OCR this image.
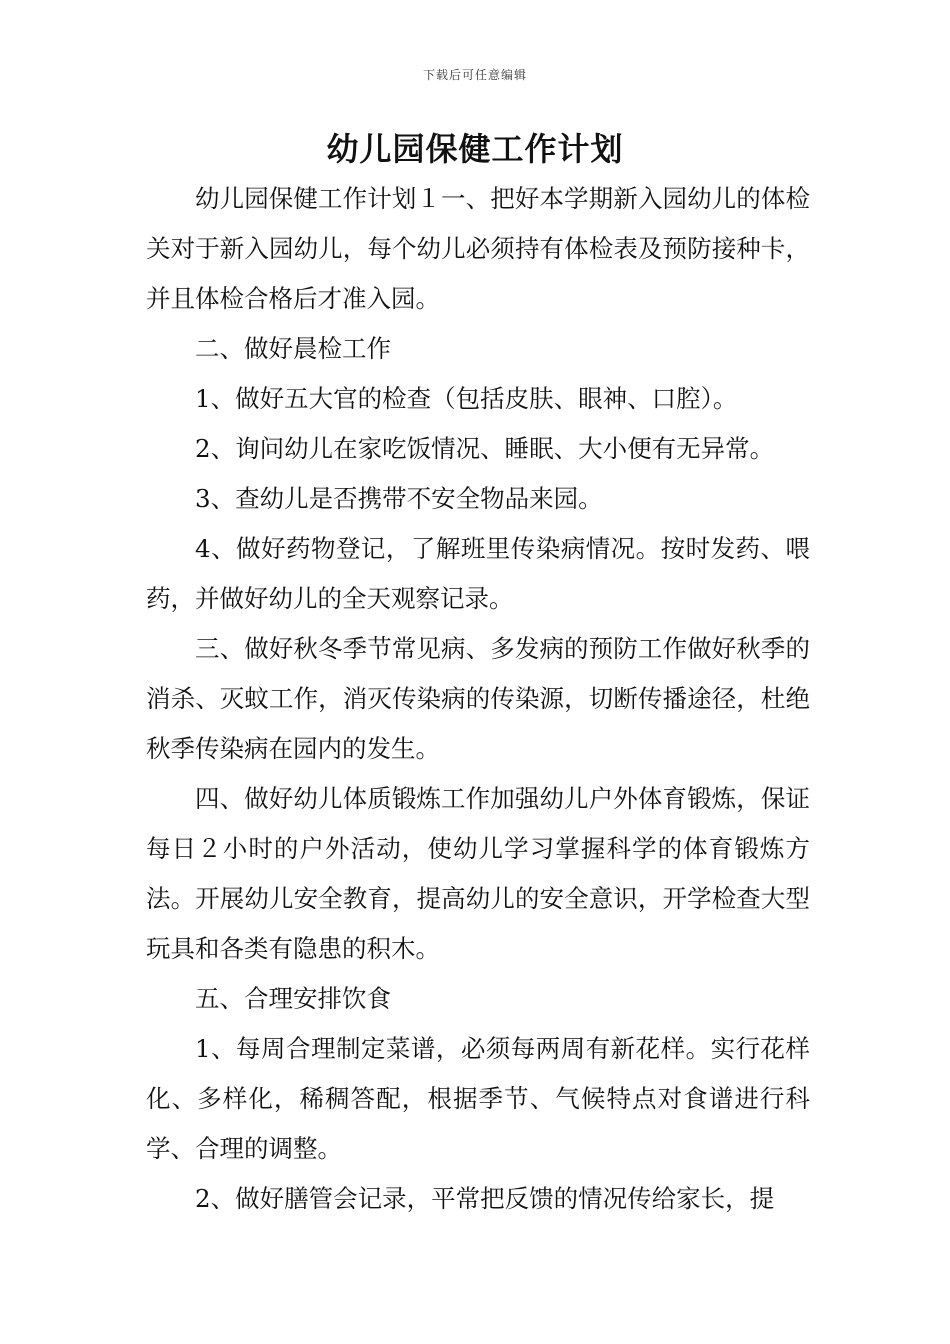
下载后可任意编辑
幼儿园保健工作计划

幼儿园保健工作计划１一、把好本学期新入园幼儿的体检关对于新入园幼儿，每个幼儿必须持有体检表及预防接种卡，并且体检合格后才准入园。

二、做好晨检工作

1、做好五大官的检查（包括皮肤、眼神、口腔）。

2、询问幼儿在家吃饭情况、睡眠、大小便有无异常。

3、查幼儿是否携带不安全物品来园。

4、做好药物登记，了解班里传染病情况。按时发药、喂药，并做好幼儿的全天观察记录。

三、做好秋冬季节常见病、多发病的预防工作做好秋季的消杀、灭蚊工作，消灭传染病的传染源，切断传播途径，杜绝秋季传染病在园内的发生。

四、做好幼儿体质锻炼工作加强幼儿户外体育锻炼，保证每日２小时的户外活动，使幼儿学习掌握科学的体育锻炼方法。开展幼儿安全教育，提高幼儿的安全意识，开学检查大型玩具和各类有隐患的积木。

五、合理安排饮食

1、每周合理制定菜谱，必须每两周有新花样。实行花样化、多样化，稀稠答配，根据季节、气候特点对食谱进行科学、合理的调整。

2、做好膳管会记录，平常把反馈的情况传给家长，提
